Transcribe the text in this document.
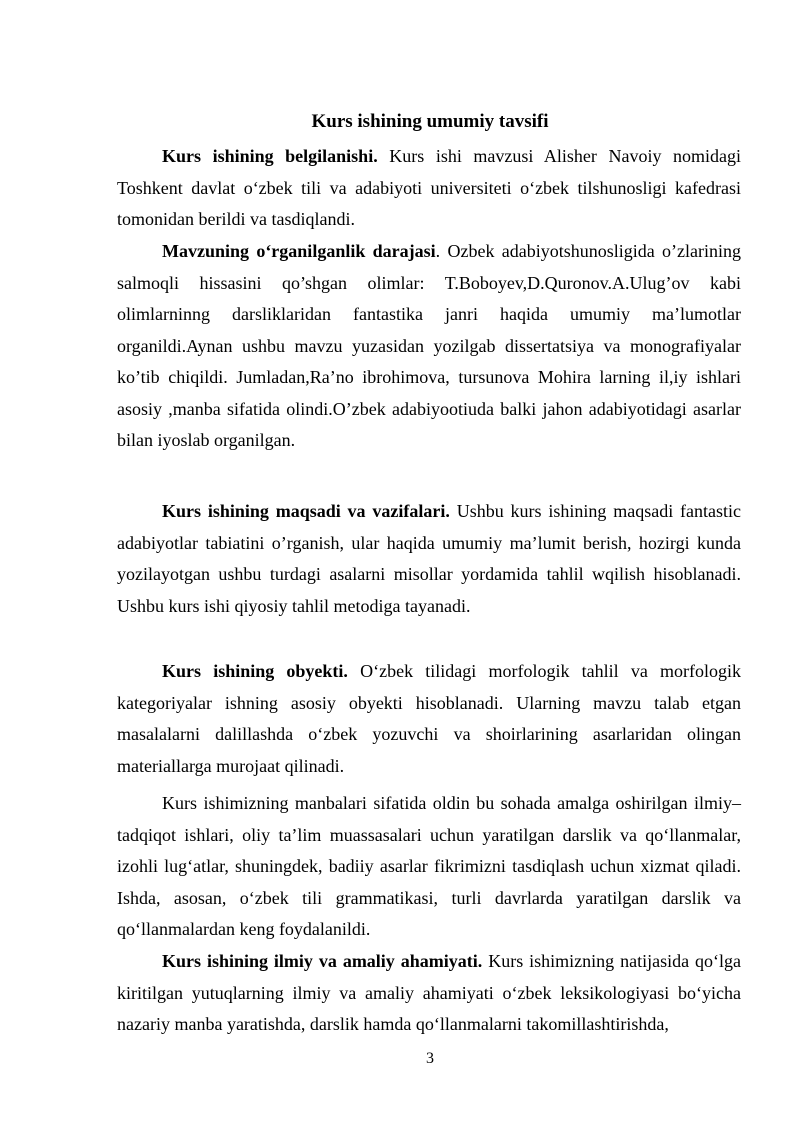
Kurs ishining umumiy tavsifi

Kurs ishining belgilanishi. Kurs ishi mavzusi Alisher Navoiy nomidagi Toshkent davlat o‘zbek tili va adabiyoti universiteti o‘zbek tilshunosligi kafedrasi tomonidan berildi va tasdiqlandi.

Mavzuning o‘rganilganlik darajasi. Ozbek adabiyotshunosligida o’zlarining salmoqli hissasini qo’shgan olimlar: T.Boboyev,D.Quronov.A.Ulug’ov kabi olimlarninng darsliklaridan fantastika janri haqida umumiy ma’lumotlar organildi.Aynan ushbu mavzu yuzasidan yozilgab dissertatsiya va monografiyalar ko’tib chiqildi. Jumladan,Ra’no ibrohimova, tursunova Mohira larning il,iy ishlari asosiy ,manba sifatida olindi.O’zbek adabiyootiuda balki jahon adabiyotidagi asarlar bilan iyoslab organilgan.

Kurs ishining maqsadi va vazifalari. Ushbu kurs ishining maqsadi fantastic adabiyotlar tabiatini o’rganish, ular haqida umumiy ma’lumit berish, hozirgi kunda yozilayotgan ushbu turdagi asalarni misollar yordamida tahlil wqilish hisoblanadi. Ushbu kurs ishi qiyosiy tahlil metodiga tayanadi.

Kurs ishining obyekti. O‘zbek tilidagi morfologik tahlil va morfologik kategoriyalar ishning asosiy obyekti hisoblanadi. Ularning mavzu talab etgan masalalarni dalillashda o‘zbek yozuvchi va shoirlarining asarlaridan olingan materiallarga murojaat qilinadi.

Kurs ishimizning manbalari sifatida oldin bu sohada amalga oshirilgan ilmiy–tadqiqot ishlari, oliy ta’lim muassasalari uchun yaratilgan darslik va qo‘llanmalar, izohli lug‘atlar, shuningdek, badiiy asarlar fikrimizni tasdiqlash uchun xizmat qiladi. Ishda, asosan, o‘zbek tili grammatikasi, turli davrlarda yaratilgan darslik va qo‘llanmalardan keng foydalanildi.

Kurs ishining ilmiy va amaliy ahamiyati. Kurs ishimizning natijasida qo‘lga kiritilgan yutuqlarning ilmiy va amaliy ahamiyati o‘zbek leksikologiyasi bo‘yicha nazariy manba yaratishda, darslik hamda qo‘llanmalarni takomillashtirishda,

3
